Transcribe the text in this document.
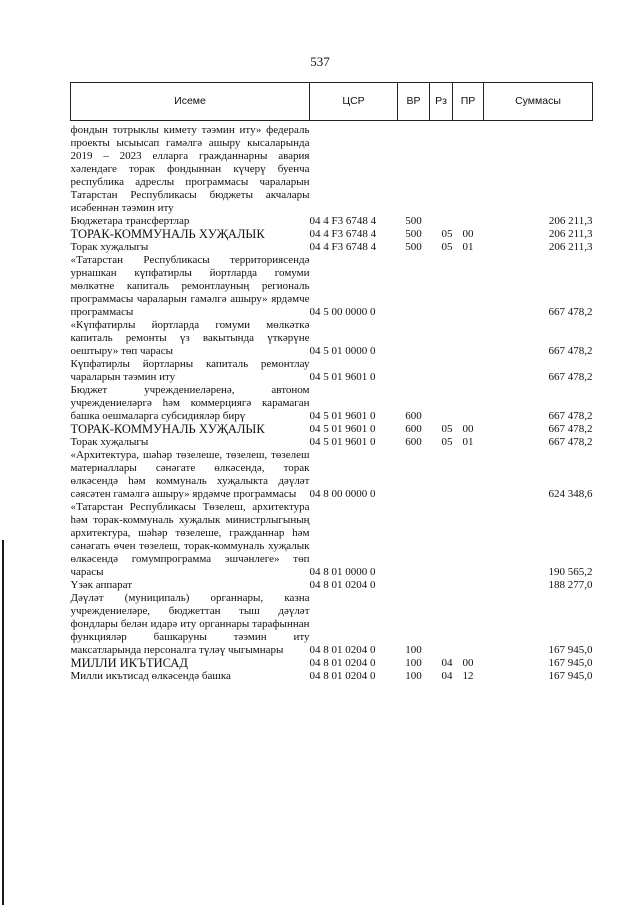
537
Исеме	ЦСР	ВР	Рз	ПР	Суммасы
фондын тотрыклы кимету тәэмин иту» федераль проекты ысыысап гамәлгә ашыру кысаларында 2019 – 2023 елларга гражданнарны авария хәлендәге торак фондыннан күчерү буенча республика адреслы программасы чараларын Татарстан Республикасы бюджеты акчалары исәбеннән тәэмин иту					
Бюджетара трансфертлар	04 4 F3 6748 4	500			206 211,3
ТОРАК-КОММУНАЛЬ ХУҖАЛЫК	04 4 F3 6748 4	500	05	00	206 211,3
Торак хуҗалыгы	04 4 F3 6748 4	500	05	01	206 211,3
«Татарстан Республикасы территориясендә урнашкан күпфатирлы йортларда гомуми мөлкәтне капиталь ремонтлауның региональ программасы чараларын гамәлгә ашыру» ярдәмче программасы	04 5 00 0000 0				667 478,2
«Күпфатирлы йортларда гомуми мөлкәткә капиталь ремонты үз вакытында үткәрүне оештыру» төп чарасы	04 5 01 0000 0				667 478,2
Күпфатирлы йортларны капиталь ремонтлау чараларын тәэмин иту	04 5 01 9601 0				667 478,2
Бюджет учреждениеләренә, автоном учреждениеләргә һәм коммерциягә карамаган башка оешмаларга субсидияләр бирү	04 5 01 9601 0	600			667 478,2
ТОРАК-КОММУНАЛЬ ХУҖАЛЫК	04 5 01 9601 0	600	05	00	667 478,2
Торак хуҗалыгы	04 5 01 9601 0	600	05	01	667 478,2
«Архитектура, шәһәр төзелеше, төзелеш, төзелеш материаллары сәнәгате өлкәсендә, торак өлкәсендә һәм коммуналь хуҗалыкта дәүләт сәясәтен гамәлгә ашыру» ярдәмче программасы	04 8 00 0000 0				624 348,6
«Татарстан Республикасы Төзелеш, архитектура һәм торак-коммуналь хуҗалык министрлыгының архитектура, шәһәр төзелеше, гражданнар һәм сәнәгать өчен төзелеш, торак-коммуналь хуҗалык өлкәсендә гомумпрограмма эшчәнлеге» төп чарасы	04 8 01 0000 0				190 565,2
Үзәк аппарат	04 8 01 0204 0				188 277,0
Дәүләт (муниципаль) органнары, казна учреждениеләре, бюджеттан тыш дәүләт фондлары белән идарә иту органнары тарафыннан функцияләр башкаруны тәэмин иту максатларында персоналга түләү чыгымнары	04 8 01 0204 0	100			167 945,0
МИЛЛИ ИКЪТИСАД	04 8 01 0204 0	100	04	00	167 945,0
Милли икътисад өлкәсендә башка	04 8 01 0204 0	100	04	12	167 945,0
